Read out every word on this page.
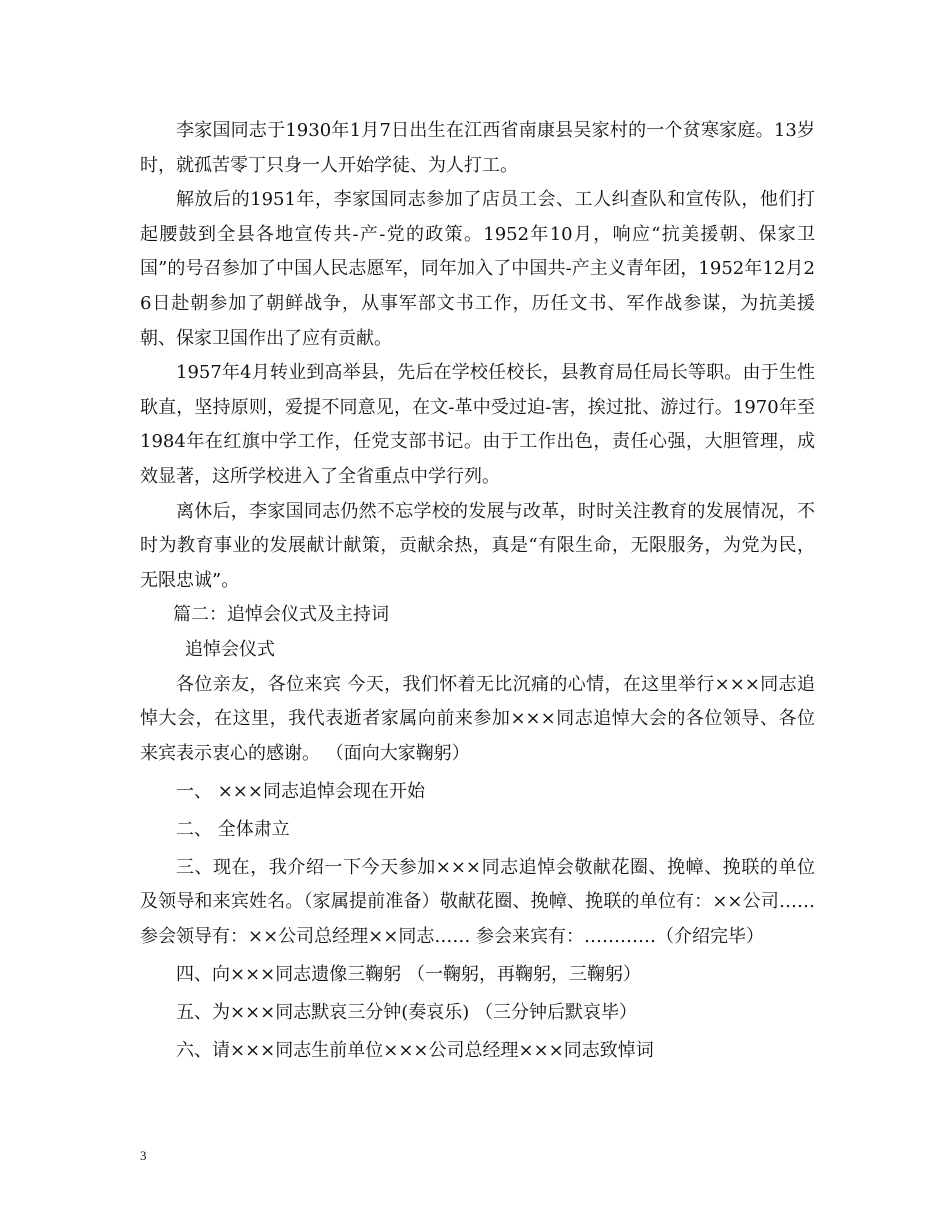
李家国同志于1930年1月7日出生在江西省南康县吴家村的一个贫寒家庭。13岁时，就孤苦零丁只身一人开始学徒、为人打工。

解放后的1951年，李家国同志参加了店员工会、工人纠查队和宣传队，他们打起腰鼓到全县各地宣传共-产-党的政策。1952年10月，响应“抗美援朝、保家卫国”的号召参加了中国人民志愿军，同年加入了中国共-产主义青年团，1952年12月26日赴朝参加了朝鲜战争，从事军部文书工作，历任文书、军作战参谋，为抗美援朝、保家卫国作出了应有贡献。

1957年4月转业到高举县，先后在学校任校长，县教育局任局长等职。由于生性耿直，坚持原则，爱提不同意见，在文-革中受过迫-害，挨过批、游过行。1970年至1984年在红旗中学工作，任党支部书记。由于工作出色，责任心强，大胆管理，成效显著，这所学校进入了全省重点中学行列。

离休后，李家国同志仍然不忘学校的发展与改革，时时关注教育的发展情况，不时为教育事业的发展献计献策，贡献余热，真是“有限生命，无限服务，为党为民，无限忠诚”。

篇二：追悼会仪式及主持词

追悼会仪式

各位亲友，各位来宾 今天，我们怀着无比沉痛的心情，在这里举行×××同志追悼大会，在这里，我代表逝者家属向前来参加×××同志追悼大会的各位领导、各位来宾表示衷心的感谢。 （面向大家鞠躬）

一、 ×××同志追悼会现在开始

二、 全体肃立

三、现在，我介绍一下今天参加×××同志追悼会敬献花圈、挽幛、挽联的单位及领导和来宾姓名。（家属提前准备）敬献花圈、挽幛、挽联的单位有：××公司…… 参会领导有：××公司总经理××同志…… 参会来宾有：…………（介绍完毕）

四、向×××同志遗像三鞠躬 （一鞠躬，再鞠躬，三鞠躬）

五、为×××同志默哀三分钟(奏哀乐) （三分钟后默哀毕）

六、请×××同志生前单位×××公司总经理×××同志致悼词

3
